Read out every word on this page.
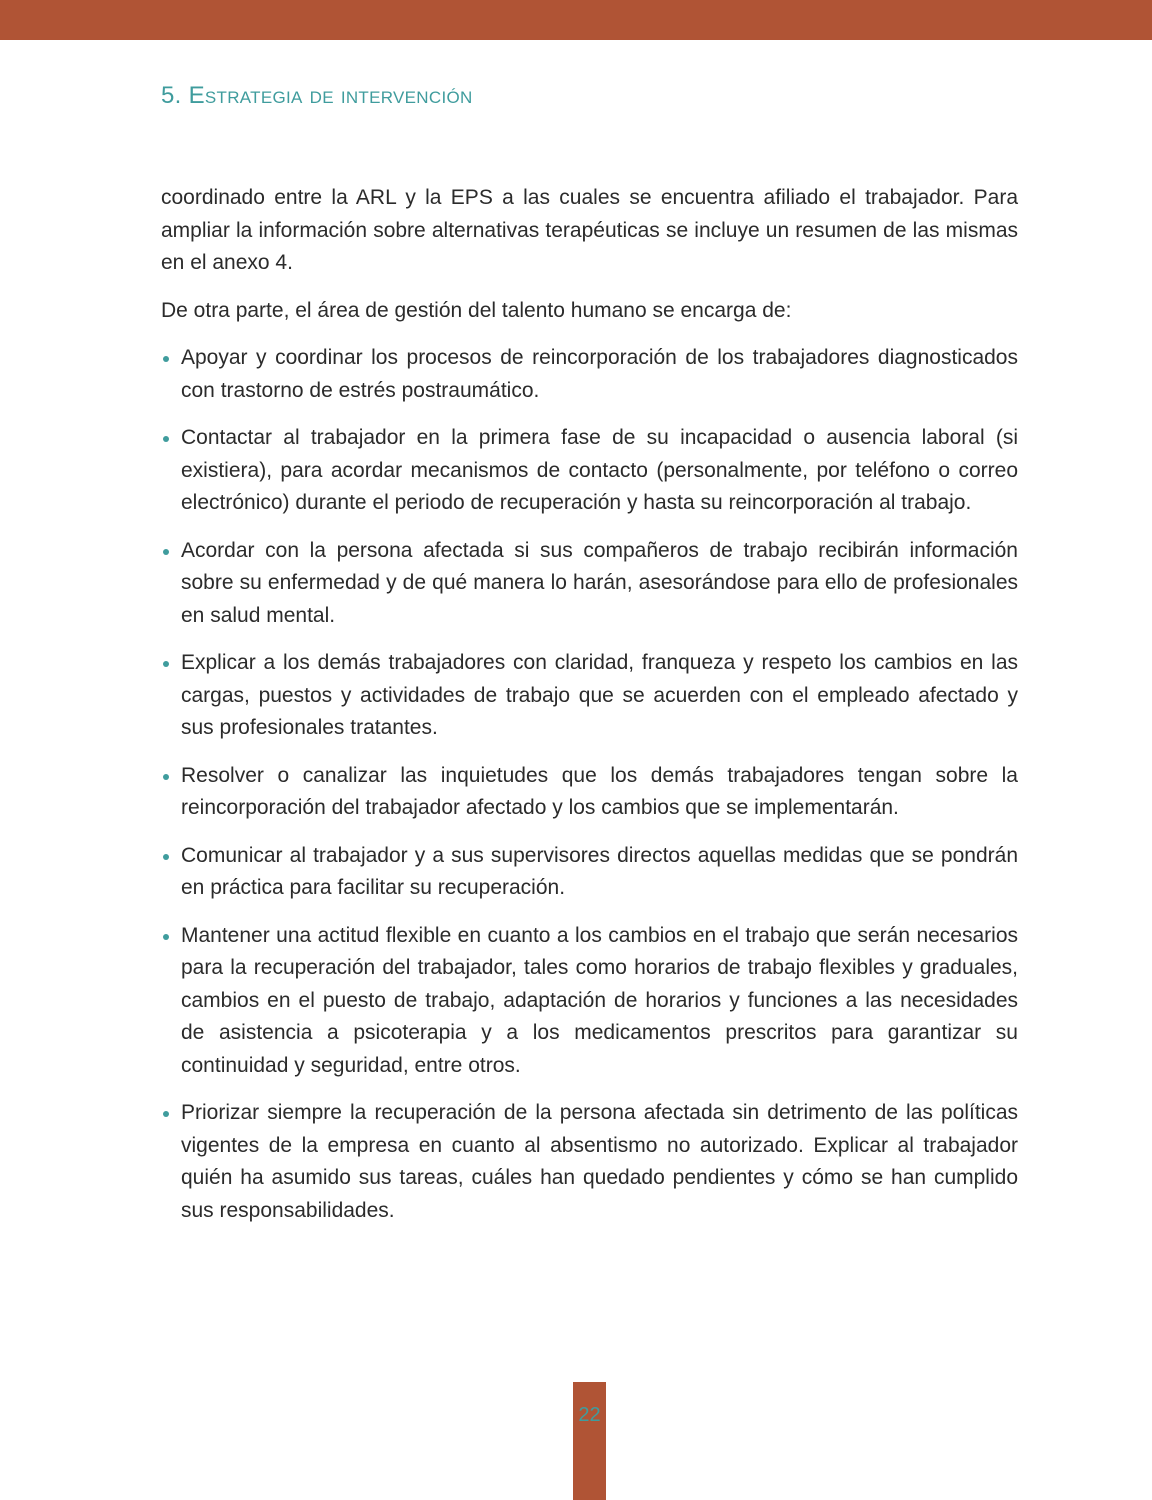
5. Estrategia de intervención

coordinado entre la ARL y la EPS a las cuales se encuentra afiliado el trabajador. Para ampliar la información sobre alternativas terapéuticas se incluye un resumen de las mismas en el anexo 4.

De otra parte, el área de gestión del talento humano se encarga de:

Apoyar y coordinar los procesos de reincorporación de los trabajadores diagnosticados con trastorno de estrés postraumático.
Contactar al trabajador en la primera fase de su incapacidad o ausencia laboral (si existiera), para acordar mecanismos de contacto (personalmente, por teléfono o correo electrónico) durante el periodo de recuperación y hasta su reincorporación al trabajo.
Acordar con la persona afectada si sus compañeros de trabajo recibirán información sobre su enfermedad y de qué manera lo harán, asesorándose para ello de profesionales en salud mental.
Explicar a los demás trabajadores con claridad, franqueza y respeto los cambios en las cargas, puestos y actividades de trabajo que se acuerden con el empleado afectado y sus profesionales tratantes.
Resolver o canalizar las inquietudes que los demás trabajadores tengan sobre la reincorporación del trabajador afectado y los cambios que se implementarán.
Comunicar al trabajador y a sus supervisores directos aquellas medidas que se pondrán en práctica para facilitar su recuperación.
Mantener una actitud flexible en cuanto a los cambios en el trabajo que serán necesarios para la recuperación del trabajador, tales como horarios de trabajo flexibles y graduales, cambios en el puesto de trabajo, adaptación de horarios y funciones a las necesidades de asistencia a psicoterapia y a los medicamentos prescritos para garantizar su continuidad y seguridad, entre otros.
Priorizar siempre la recuperación de la persona afectada sin detrimento de las políticas vigentes de la empresa en cuanto al absentismo no autorizado. Explicar al trabajador quién ha asumido sus tareas, cuáles han quedado pendientes y cómo se han cumplido sus responsabilidades.
22
